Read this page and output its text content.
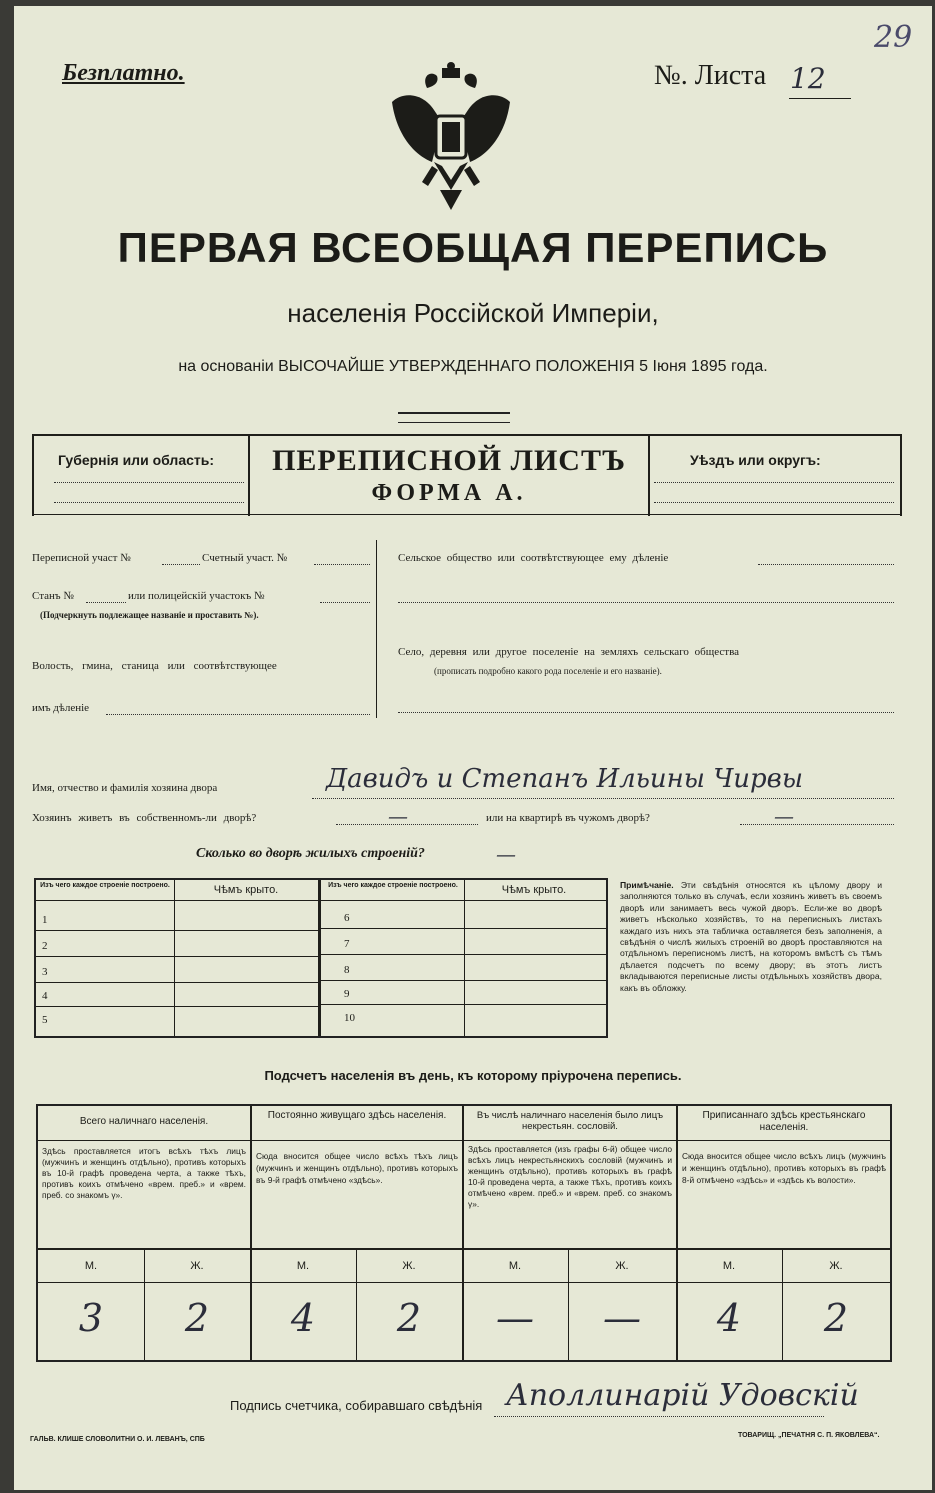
29
Безплатно.	№. Листа 12
ПЕРВАЯ ВСЕОБЩАЯ ПЕРЕПИСЬ
населенія Россійской Имперіи,
на основаніи ВЫСОЧАЙШЕ УТВЕРЖДЕННАГО ПОЛОЖЕНІЯ 5 Іюня 1895 года.
Губернія или область:	ПЕРЕПИСНОЙ ЛИСТЪ
ФОРМА А.
Уѣздъ или округъ:
Переписной участ №	Счетный участ. №
Станъ №	или полицейскій участокъ №
(Подчеркнуть подлежащее названіе и проставить №).
Волость, гмина, станица или соотвѣтствующее
имъ дѣленіе
Сельское общество или соотвѣтствующее ему дѣленіе
Село, деревня или другое поселеніе на земляхъ сельскаго общества
(прописать подробно какого рода поселеніе и его названіе).
Имя, отчество и фамилія хозяина двора	Давидъ и Степанъ Ильины Чирвы
Хозяинъ живетъ въ собственномъ-ли дворѣ?	—	или на квартирѣ въ чужомъ дворѣ?	—
Сколько во дворѣ жилыхъ строеній?	—
Изъ чего каждое строеніе построено.	Чѣмъ крыто.	Изъ чего каждое строеніе построено.	Чѣмъ крыто.
1
2
3
4
5
6
7
8
9
10
Примѣчаніе. Эти свѣдѣнія относятся къ цѣлому двору и заполняются только въ случаѣ, если хозяинъ живетъ въ своемъ дворѣ или занимаетъ весь чужой дворъ. Если-же во дворѣ живетъ нѣсколько хозяйствъ, то на переписныхъ листахъ каждаго изъ нихъ эта табличка оставляется безъ заполненія, а свѣдѣнія о числѣ жилыхъ строеній во дворѣ проставляются на отдѣльномъ переписномъ листѣ, на которомъ вмѣстѣ съ тѣмъ дѣлается подсчетъ по всему двору; въ этотъ листъ вкладываются переписные листы отдѣльныхъ хозяйствъ двора, какъ въ обложку.
Подсчетъ населенія въ день, къ которому пріурочена перепись.
Всего наличнаго населенія.
Здѣсь проставляется итогъ всѣхъ тѣхъ лицъ (мужчинъ и женщинъ отдѣльно), противъ которыхъ въ 10-й графѣ проведена черта, а также тѣхъ, противъ коихъ отмѣчено «врем. преб.» и «врем. преб. со знакомъ γ».
Постоянно живущаго здѣсь населенія.
Сюда вносится общее число всѣхъ тѣхъ лицъ (мужчинъ и женщинъ отдѣльно), противъ которыхъ въ 9-й графѣ отмѣчено «здѣсь».
Въ числѣ наличнаго населенія было лицъ некрестьян. сословій.
Здѣсь проставляется (изъ графы 6-й) общее число всѣхъ лицъ некрестьянскихъ сословій (мужчинъ и женщинъ отдѣльно), противъ которыхъ въ графѣ 10-й проведена черта, а также тѣхъ, противъ коихъ отмѣчено «врем. преб.» и «врем. преб. со знакомъ γ».
Приписаннаго здѣсь крестьянскаго населенія.
Сюда вносится общее число всѣхъ лицъ (мужчинъ и женщинъ отдѣльно), противъ которыхъ въ графѣ 8-й отмѣчено «здѣсь» и «здѣсь къ волости».
М.	Ж.	М.	Ж.	М.	Ж.	М.	Ж.
3	2	4	2	—	—	4	2
Подпись счетчика, собиравшаго свѣдѣнія Аполлинарій Удовскій
ГАЛЬВ. КЛИШЕ СЛОВОЛИТНИ О. И. ЛЕВАНЪ, СПБ
ТОВАРИЩ. „ПЕЧАТНЯ С. П. ЯКОВЛЕВА“.
